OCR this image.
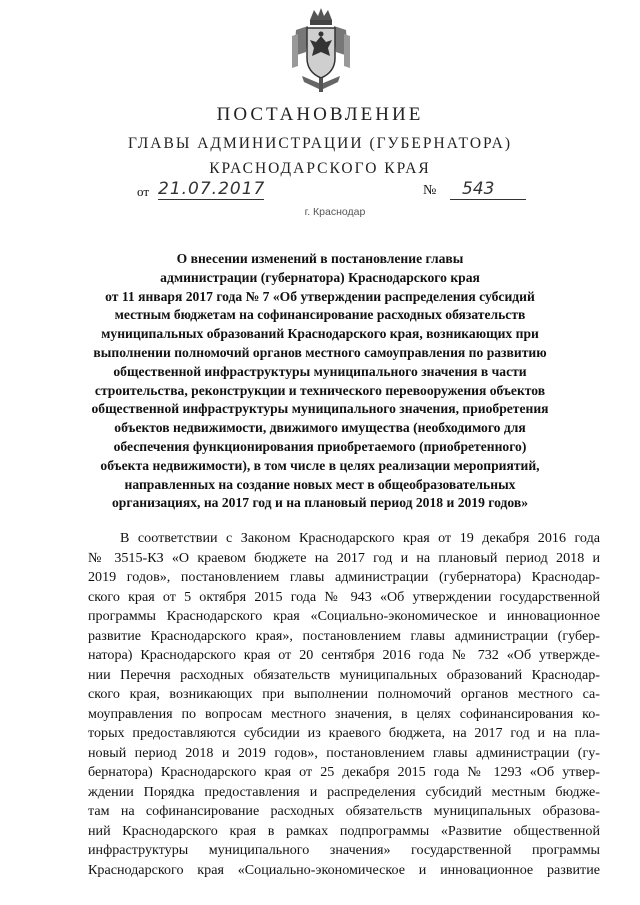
ПОСТАНОВЛЕНИЕ
ГЛАВЫ АДМИНИСТРАЦИИ (ГУБЕРНАТОРА)
КРАСНОДАРСКОГО КРАЯ
от 21.07.2017	№	543
г. Краснодар
О внесении изменений в постановление главы
администрации (губернатора) Краснодарского края
от 11 января 2017 года № 7 «Об утверждении распределения субсидий
местным бюджетам на софинансирование расходных обязательств
муниципальных образований Краснодарского края, возникающих при
выполнении полномочий органов местного самоуправления по развитию
общественной инфраструктуры муниципального значения в части
строительства, реконструкции и технического перевооружения объектов
общественной инфраструктуры муниципального значения, приобретения
объектов недвижимости, движимого имущества (необходимого для
обеспечения функционирования приобретаемого (приобретенного)
объекта недвижимости), в том числе в целях реализации мероприятий,
направленных на создание новых мест в общеобразовательных
организациях, на 2017 год и на плановый период 2018 и 2019 годов»
В соответствии с Законом Краснодарского края от 19 декабря 2016 года
№ 3515-КЗ «О краевом бюджете на 2017 год и на плановый период 2018 и
2019 годов», постановлением главы администрации (губернатора) Краснодар-
ского края от 5 октября 2015 года № 943 «Об утверждении государственной
программы Краснодарского края «Социально-экономическое и инновационное
развитие Краснодарского края», постановлением главы администрации (губер-
натора) Краснодарского края от 20 сентября 2016 года № 732 «Об утвержде-
нии Перечня расходных обязательств муниципальных образований Краснодар-
ского края, возникающих при выполнении полномочий органов местного са-
моуправления по вопросам местного значения, в целях софинансирования ко-
торых предоставляются субсидии из краевого бюджета, на 2017 год и на пла-
новый период 2018 и 2019 годов», постановлением главы администрации (гу-
бернатора) Краснодарского края от 25 декабря 2015 года № 1293 «Об утвер-
ждении Порядка предоставления и распределения субсидий местным бюдже-
там на софинансирование расходных обязательств муниципальных образова-
ний Краснодарского края в рамках подпрограммы «Развитие общественной
инфраструктуры муниципального значения» государственной программы
Краснодарского края «Социально-экономическое и инновационное развитие
